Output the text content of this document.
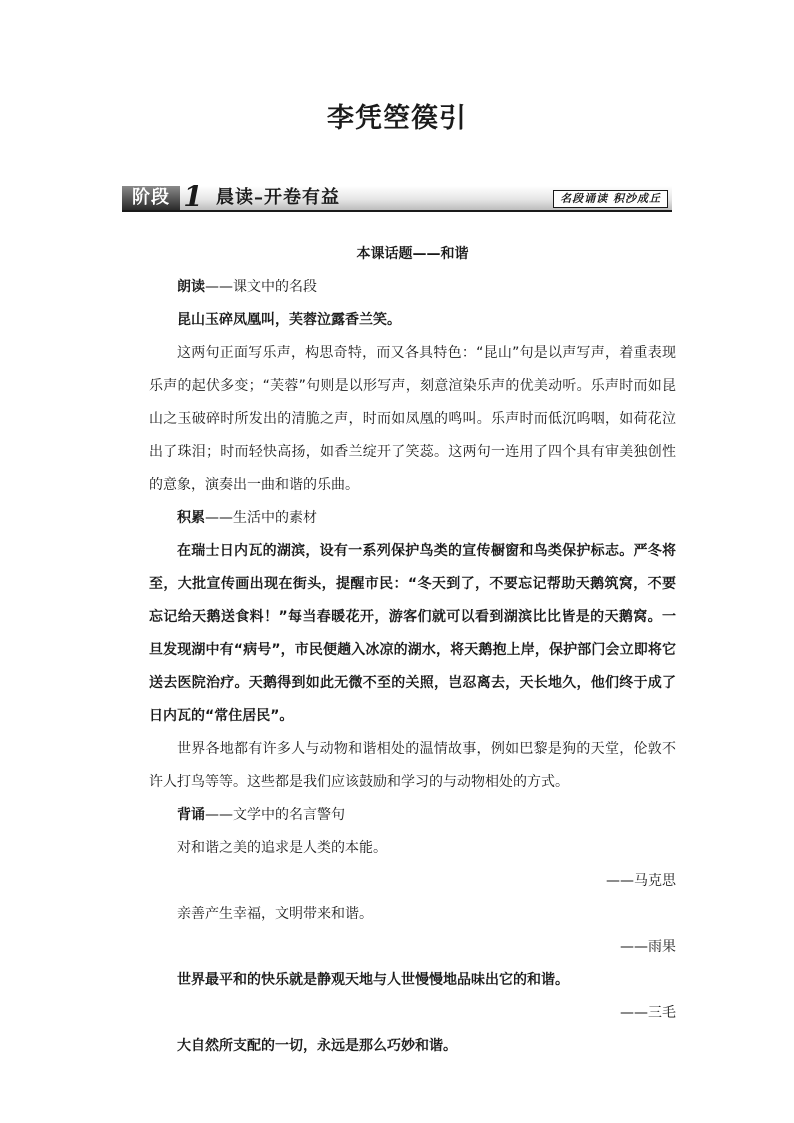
李凭箜篌引
阶段 1 晨读–开卷有益	名段诵读 积沙成丘

本课话题——和谐

朗读——课文中的名段

昆山玉碎凤凰叫，芙蓉泣露香兰笑。

这两句正面写乐声，构思奇特，而又各具特色：“昆山”句是以声写声，着重表现乐声的起伏多变；“芙蓉”句则是以形写声，刻意渲染乐声的优美动听。乐声时而如昆山之玉破碎时所发出的清脆之声，时而如凤凰的鸣叫。乐声时而低沉呜咽，如荷花泣出了珠泪；时而轻快高扬，如香兰绽开了笑蕊。这两句一连用了四个具有审美独创性的意象，演奏出一曲和谐的乐曲。

积累——生活中的素材

在瑞士日内瓦的湖滨，设有一系列保护鸟类的宣传橱窗和鸟类保护标志。严冬将至，大批宣传画出现在街头，提醒市民：“冬天到了，不要忘记帮助天鹅筑窝，不要忘记给天鹅送食料！”每当春暖花开，游客们就可以看到湖滨比比皆是的天鹅窝。一旦发现湖中有“病号”，市民便趟入冰凉的湖水，将天鹅抱上岸，保护部门会立即将它送去医院治疗。天鹅得到如此无微不至的关照，岂忍离去，天长地久，他们终于成了日内瓦的“常住居民”。

世界各地都有许多人与动物和谐相处的温情故事，例如巴黎是狗的天堂，伦敦不许人打鸟等等。这些都是我们应该鼓励和学习的与动物相处的方式。

背诵——文学中的名言警句

对和谐之美的追求是人类的本能。

——马克思

亲善产生幸福，文明带来和谐。

——雨果

世界最平和的快乐就是静观天地与人世慢慢地品味出它的和谐。

——三毛

大自然所支配的一切，永远是那么巧妙和谐。
